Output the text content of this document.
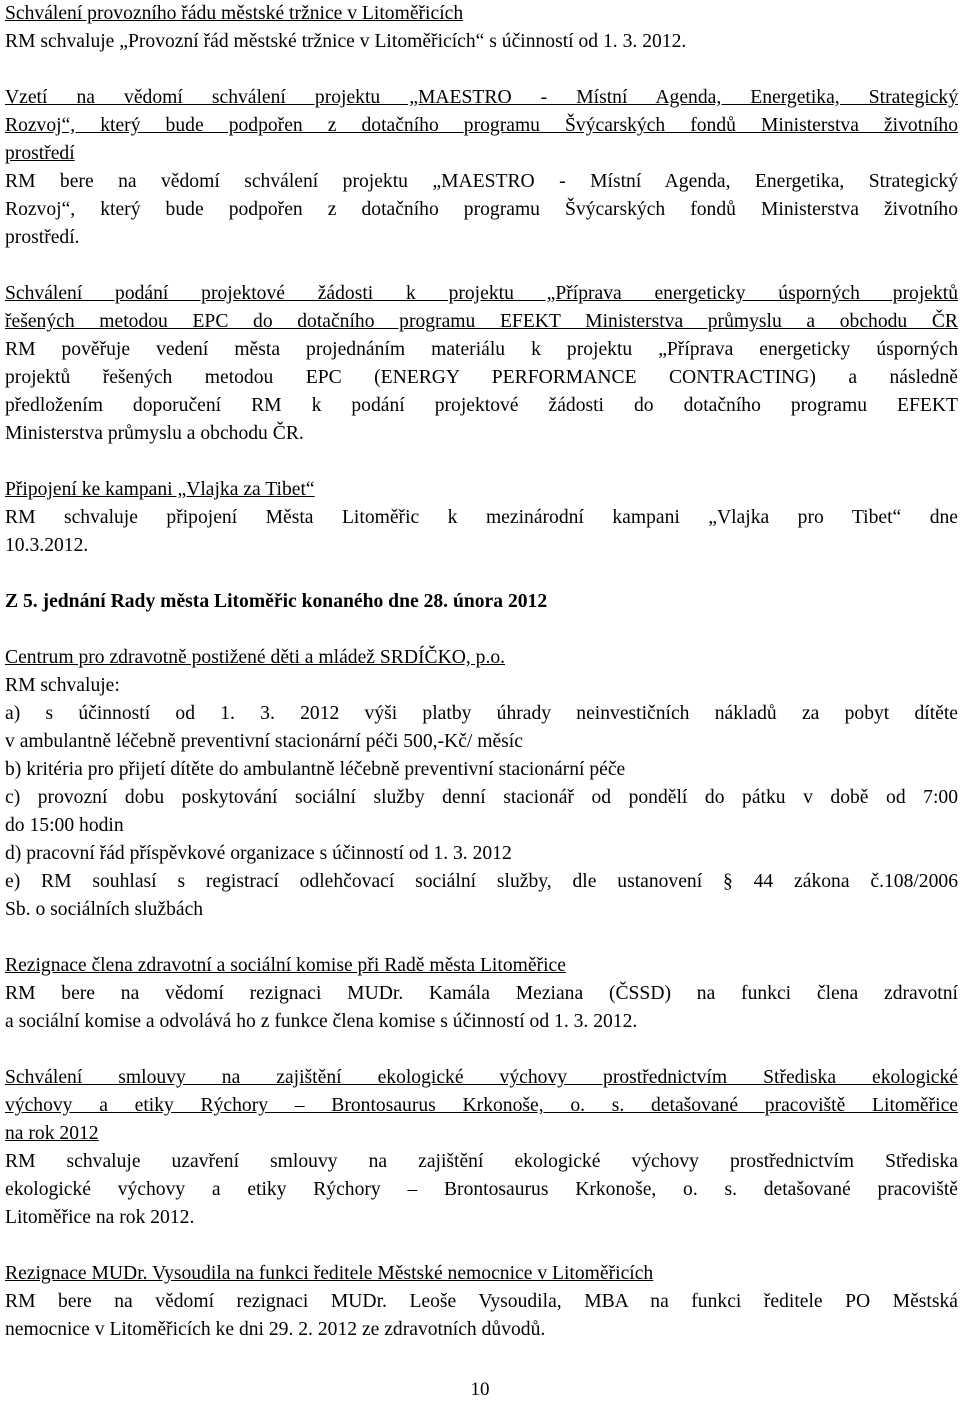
Schválení provozního řádu městské tržnice v Litoměřicích
RM schvaluje „Provozní řád městské tržnice v Litoměřicích“ s účinností od 1. 3. 2012.
Vzetí na vědomí schválení projektu „MAESTRO - Místní Agenda, Energetika, Strategický
Rozvoj“, který bude podpořen z dotačního programu Švýcarských fondů Ministerstva životního
prostředí
RM bere na vědomí schválení projektu „MAESTRO - Místní Agenda, Energetika, Strategický
Rozvoj“, který bude podpořen z dotačního programu Švýcarských fondů Ministerstva životního
prostředí.
Schválení podání projektové žádosti k projektu „Příprava energeticky úsporných projektů
řešených metodou EPC do dotačního programu EFEKT Ministerstva průmyslu a obchodu ČR
RM pověřuje vedení města projednáním materiálu k projektu „Příprava energeticky úsporných
projektů řešených metodou EPC (ENERGY PERFORMANCE CONTRACTING) a následně
předložením doporučení RM k podání projektové žádosti do dotačního programu EFEKT
Ministerstva průmyslu a obchodu ČR.
Připojení ke kampani „Vlajka za Tibet“
RM schvaluje připojení Města Litoměřic k mezinárodní kampani „Vlajka pro Tibet“ dne
10.3.2012.
Z 5. jednání Rady města Litoměřic konaného dne 28. února 2012
Centrum pro zdravotně postižené děti a mládež SRDÍČKO, p.o.
RM schvaluje:
a) s účinností od 1. 3. 2012 výši platby úhrady neinvestičních nákladů za pobyt dítěte
v ambulantně léčebně preventivní stacionární péči 500,-Kč/ měsíc
b) kritéria pro přijetí dítěte do ambulantně léčebně preventivní stacionární péče
c) provozní dobu poskytování sociální služby denní stacionář od pondělí do pátku v době od 7:00
do 15:00 hodin
d) pracovní řád příspěvkové organizace s účinností od 1. 3. 2012
e) RM souhlasí s registrací odlehčovací sociální služby, dle ustanovení § 44 zákona č.108/2006
Sb. o sociálních službách
Rezignace člena zdravotní a sociální komise při Radě města Litoměřice
RM bere na vědomí rezignaci MUDr. Kamála Meziana (ČSSD) na funkci člena zdravotní
a sociální komise a odvolává ho z funkce člena komise s účinností od 1. 3. 2012.
Schválení smlouvy na zajištění ekologické výchovy prostřednictvím Střediska ekologické
výchovy a etiky Rýchory – Brontosaurus Krkonoše, o. s. detašované pracoviště Litoměřice
na rok 2012
RM schvaluje uzavření smlouvy na zajištění ekologické výchovy prostřednictvím Střediska
ekologické výchovy a etiky Rýchory – Brontosaurus Krkonoše, o. s. detašované pracoviště
Litoměřice na rok 2012.
Rezignace MUDr. Vysoudila na funkci ředitele Městské nemocnice v Litoměřicích
RM bere na vědomí rezignaci MUDr. Leoše Vysoudila, MBA na funkci ředitele PO Městská
nemocnice v Litoměřicích ke dni 29. 2. 2012 ze zdravotních důvodů.
10
